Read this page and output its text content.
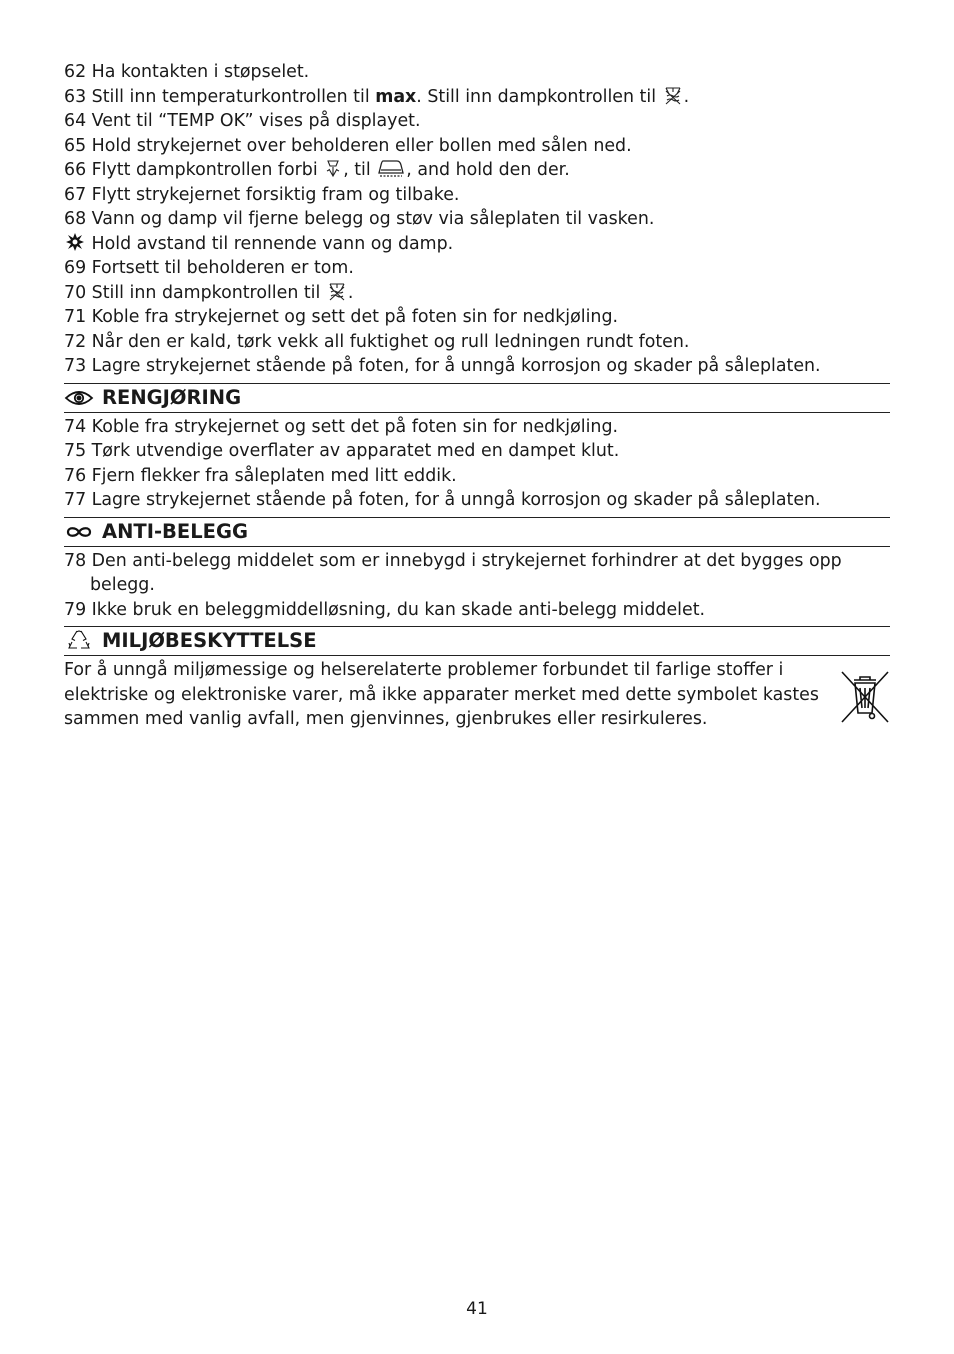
62 Ha kontakten i støpselet.
63 Still inn temperaturkontrollen til max. Still inn dampkontrollen til .
64 Vent til “TEMP OK” vises på displayet.
65 Hold strykejernet over beholderen eller bollen med sålen ned.
66 Flytt dampkontrollen forbi , til , and hold den der.
67 Flytt strykejernet forsiktig fram og tilbake.
68 Vann og damp vil fjerne belegg og støv via såleplaten til vasken.
Hold avstand til rennende vann og damp.
69 Fortsett til beholderen er tom.
70 Still inn dampkontrollen til .
71 Koble fra strykejernet og sett det på foten sin for nedkjøling.
72 Når den er kald, tørk vekk all fuktighet og rull ledningen rundt foten.
73 Lagre strykejernet stående på foten, for å unngå korrosjon og skader på såleplaten.
RENGJØRING
74 Koble fra strykejernet og sett det på foten sin for nedkjøling.
75 Tørk utvendige overflater av apparatet med en dampet klut.
76 Fjern flekker fra såleplaten med litt eddik.
77 Lagre strykejernet stående på foten, for å unngå korrosjon og skader på såleplaten.
ANTI-BELEGG
78 Den anti-belegg middelet som er innebygd i strykejernet forhindrer at det bygges opp belegg.
79 Ikke bruk en beleggmiddelløsning, du kan skade anti-belegg middelet.
MILJØBESKYTTELSE
For å unngå miljømessige og helserelaterte problemer forbundet til farlige stoffer i elektriske og elektroniske varer, må ikke apparater merket med dette symbolet kastes sammen med vanlig avfall, men gjenvinnes, gjenbrukes eller resirkuleres.
41
